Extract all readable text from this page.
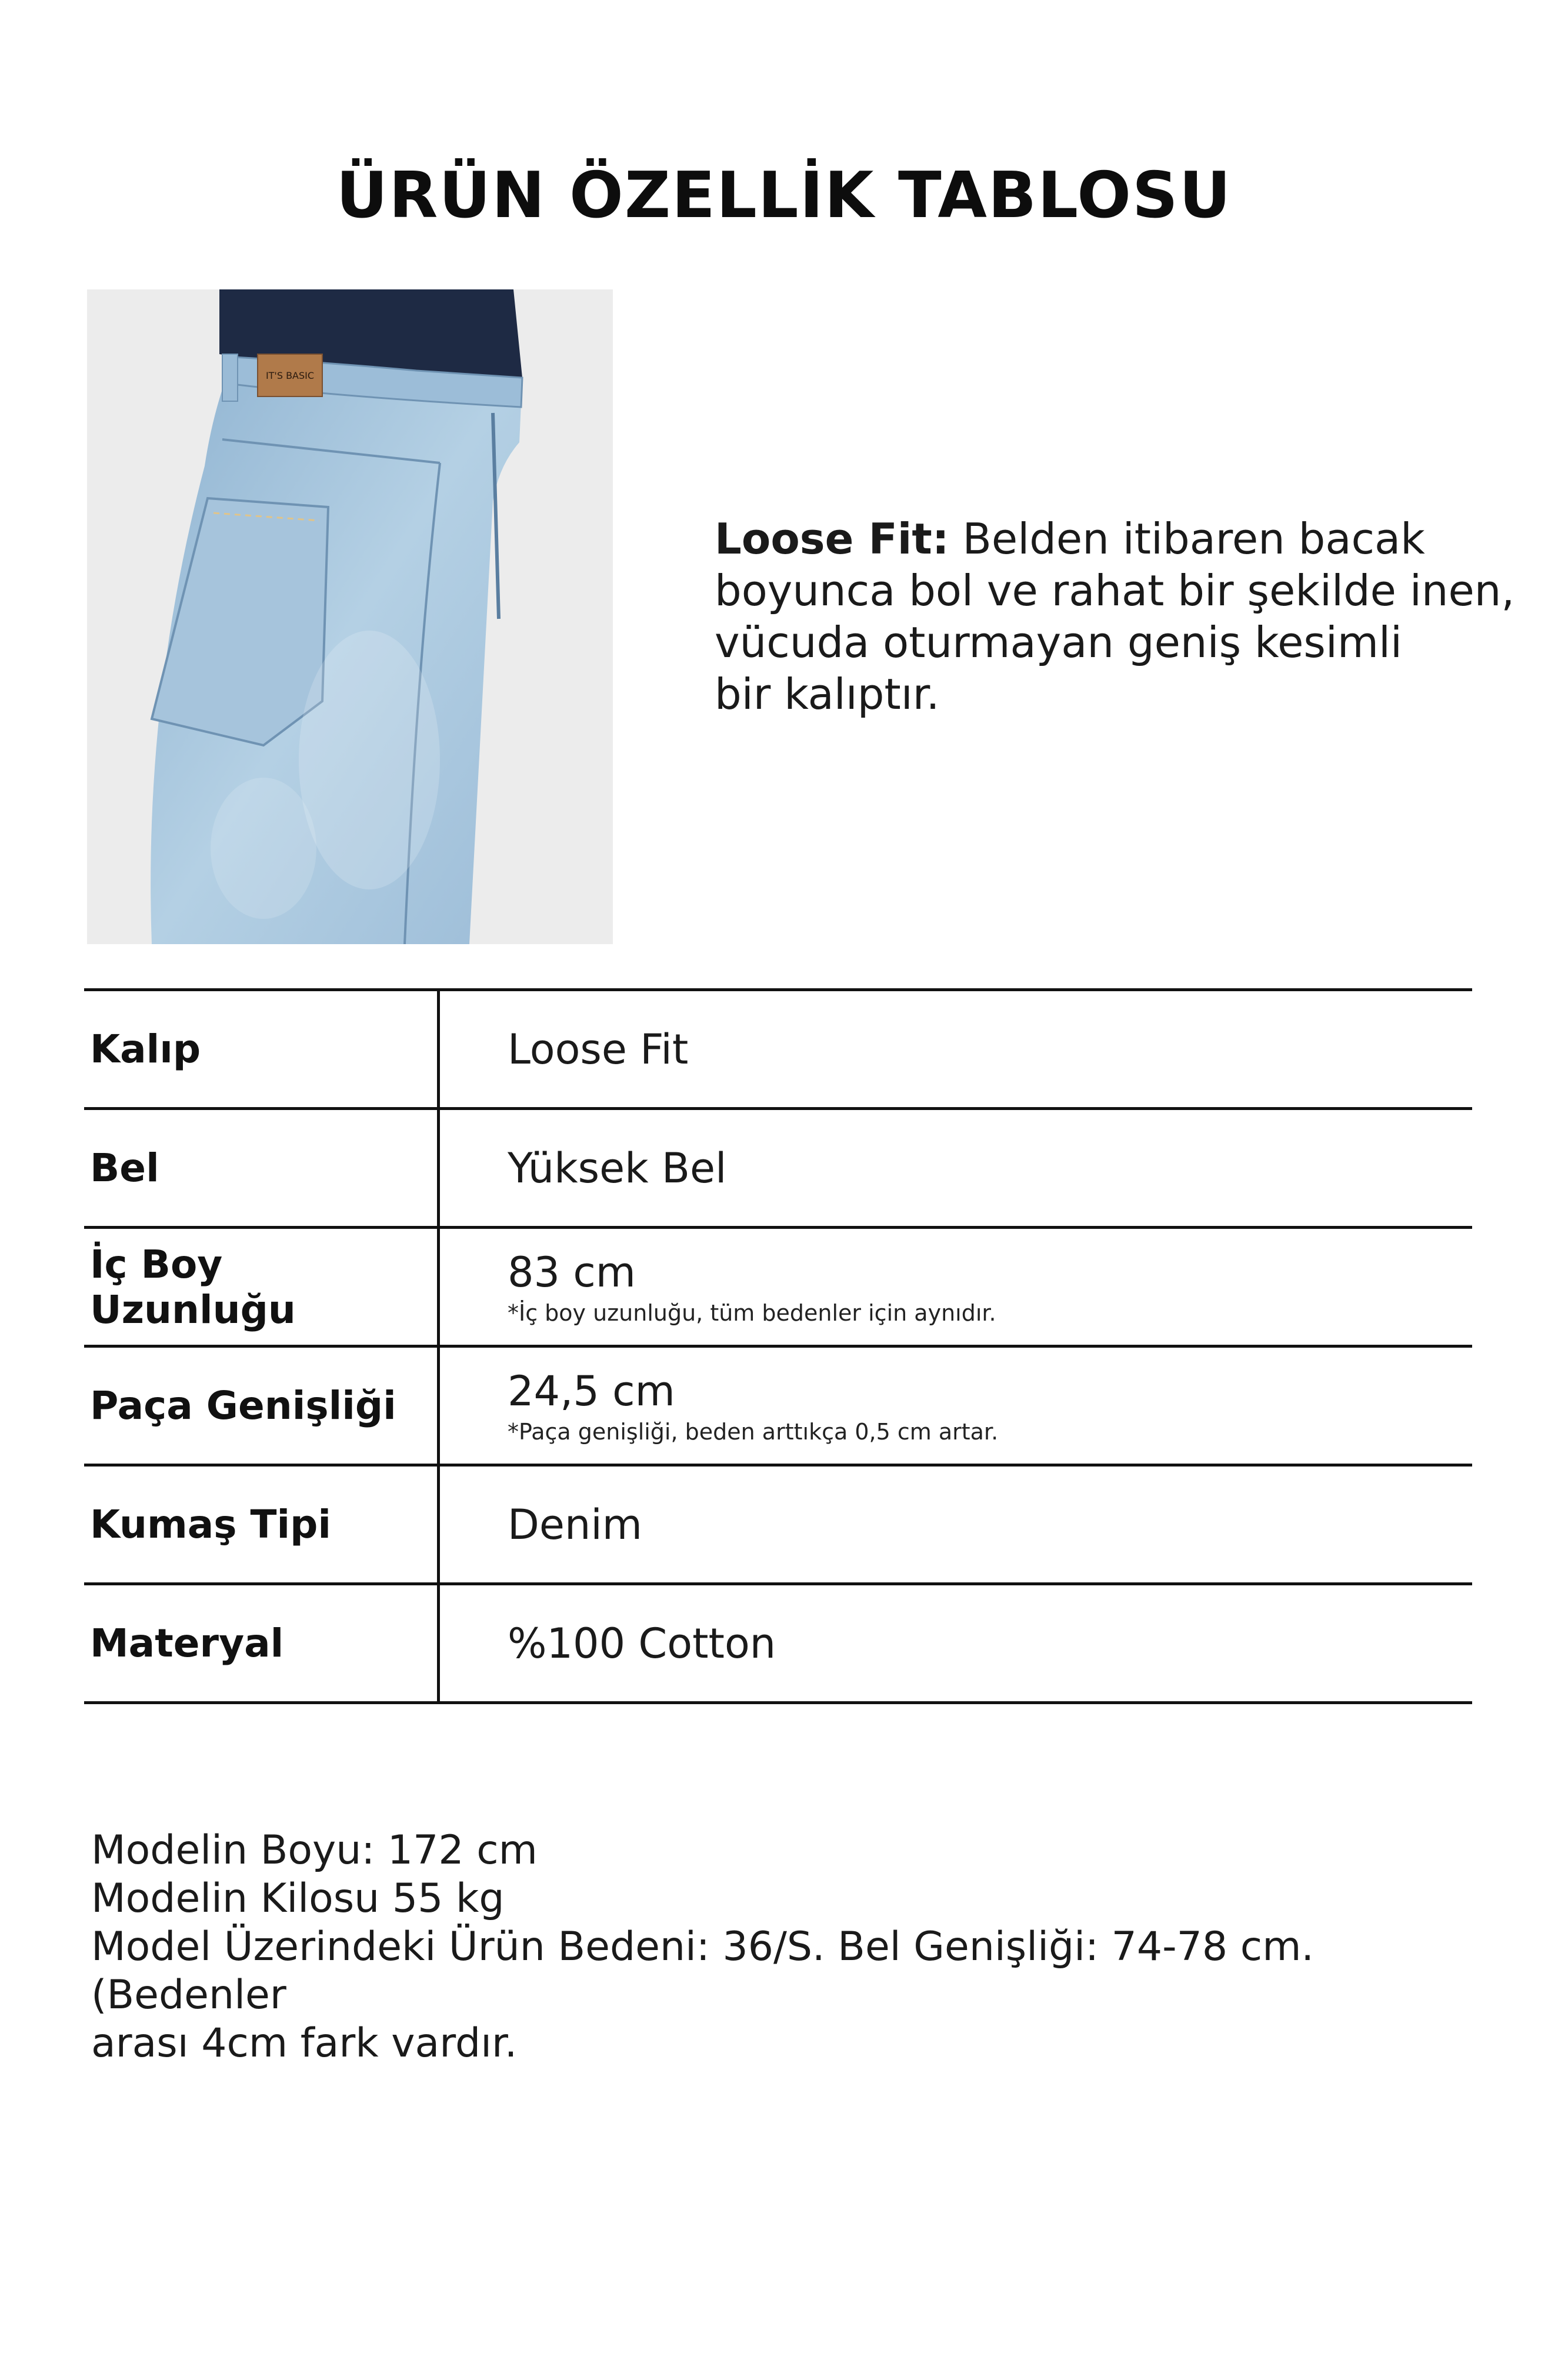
ÜRÜN ÖZELLİK TABLOSU
IT'S BASIC
Loose Fit: Belden itibaren bacak
boyunca bol ve rahat bir şekilde inen,
vücuda oturmayan geniş kesimli
bir kalıptır.
Kalıp	Loose Fit
Bel	Yüksek Bel
İç Boy Uzunluğu	83 cm
*İç boy uzunluğu, tüm bedenler için aynıdır.

Paça Genişliği	24,5 cm
*Paça genişliği, beden arttıkça 0,5 cm artar.

Kumaş Tipi	Denim
Materyal	%100 Cotton
Modelin Boyu: 172 cm
Modelin Kilosu 55 kg
Model Üzerindeki Ürün Bedeni: 36/S. Bel Genişliği: 74-78 cm. (Bedenler
arası 4cm fark vardır.
